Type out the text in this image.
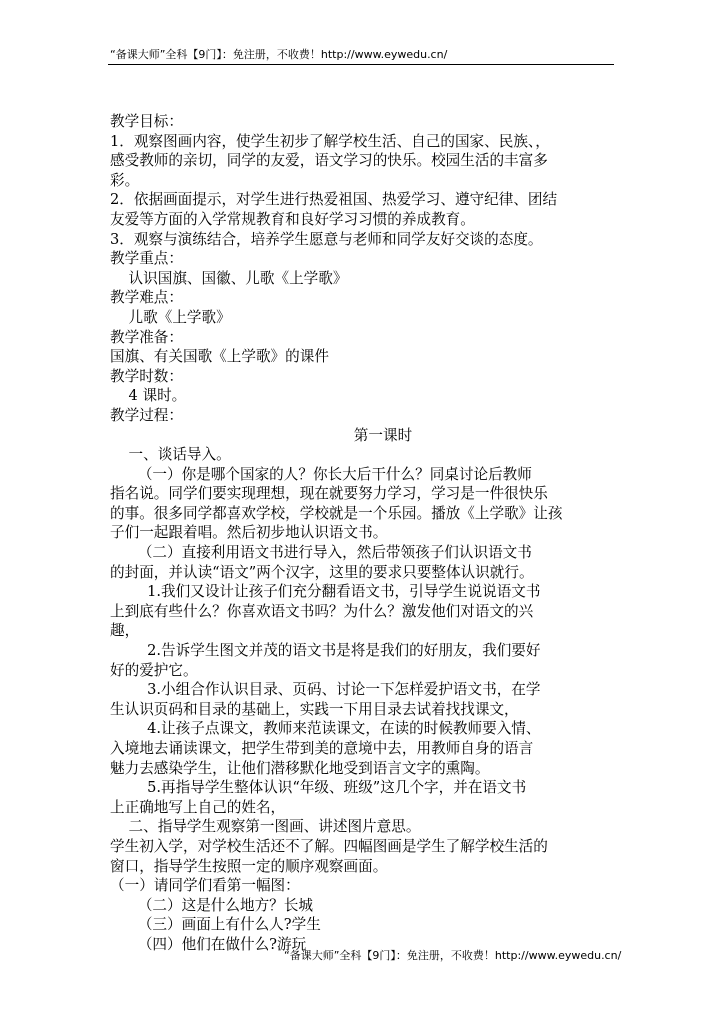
“备课大师”全科【9门】：免注册，不收费！http://www.eywedu.cn/

教学目标：

1．观察图画内容，使学生初步了解学校生活、自己的国家、民族、，

感受教师的亲切，同学的友爱，语文学习的快乐。校园生活的丰富多

彩。

2．依据画面提示，对学生进行热爱祖国、热爱学习、遵守纪律、团结

友爱等方面的入学常规教育和良好学习习惯的养成教育。

3．观察与演练结合，培养学生愿意与老师和同学友好交谈的态度。

教学重点：

认识国旗、国徽、儿歌《上学歌》

教学难点：

儿歌《上学歌》

教学准备：

国旗、有关国歌《上学歌》的课件

教学时数：

4 课时。

教学过程：

第一课时

一、谈话导入。

（一）你是哪个国家的人？你长大后干什么？同桌讨论后教师

指名说。同学们要实现理想，现在就要努力学习，学习是一件很快乐

的事。很多同学都喜欢学校，学校就是一个乐园。播放《上学歌》让孩

子们一起跟着唱。然后初步地认识语文书。

（二）直接利用语文书进行导入，然后带领孩子们认识语文书

的封面，并认读“语文”两个汉字，这里的要求只要整体认识就行。

1.我们又设计让孩子们充分翻看语文书，引导学生说说语文书

上到底有些什么？你喜欢语文书吗？为什么？激发他们对语文的兴

趣，

2.告诉学生图文并茂的语文书是将是我们的好朋友，我们要好

好的爱护它。

3.小组合作认识目录、页码、讨论一下怎样爱护语文书，在学

生认识页码和目录的基础上，实践一下用目录去试着找找课文，

4.让孩子点课文，教师来范读课文，在读的时候教师要入情、

入境地去诵读课文，把学生带到美的意境中去，用教师自身的语言

魅力去感染学生，让他们潜移默化地受到语言文字的熏陶。

5.再指导学生整体认识“年级、班级”这几个字，并在语文书

上正确地写上自己的姓名，

二、指导学生观察第一图画、讲述图片意思。

学生初入学，对学校生活还不了解。四幅图画是学生了解学校生活的

窗口，指导学生按照一定的顺序观察画面。

（一）请同学们看第一幅图：

（二）这是什么地方？长城

（三）画面上有什么人?学生

（四）他们在做什么?游玩

“备课大师”全科【9门】：免注册，不收费！http://www.eywedu.cn/
